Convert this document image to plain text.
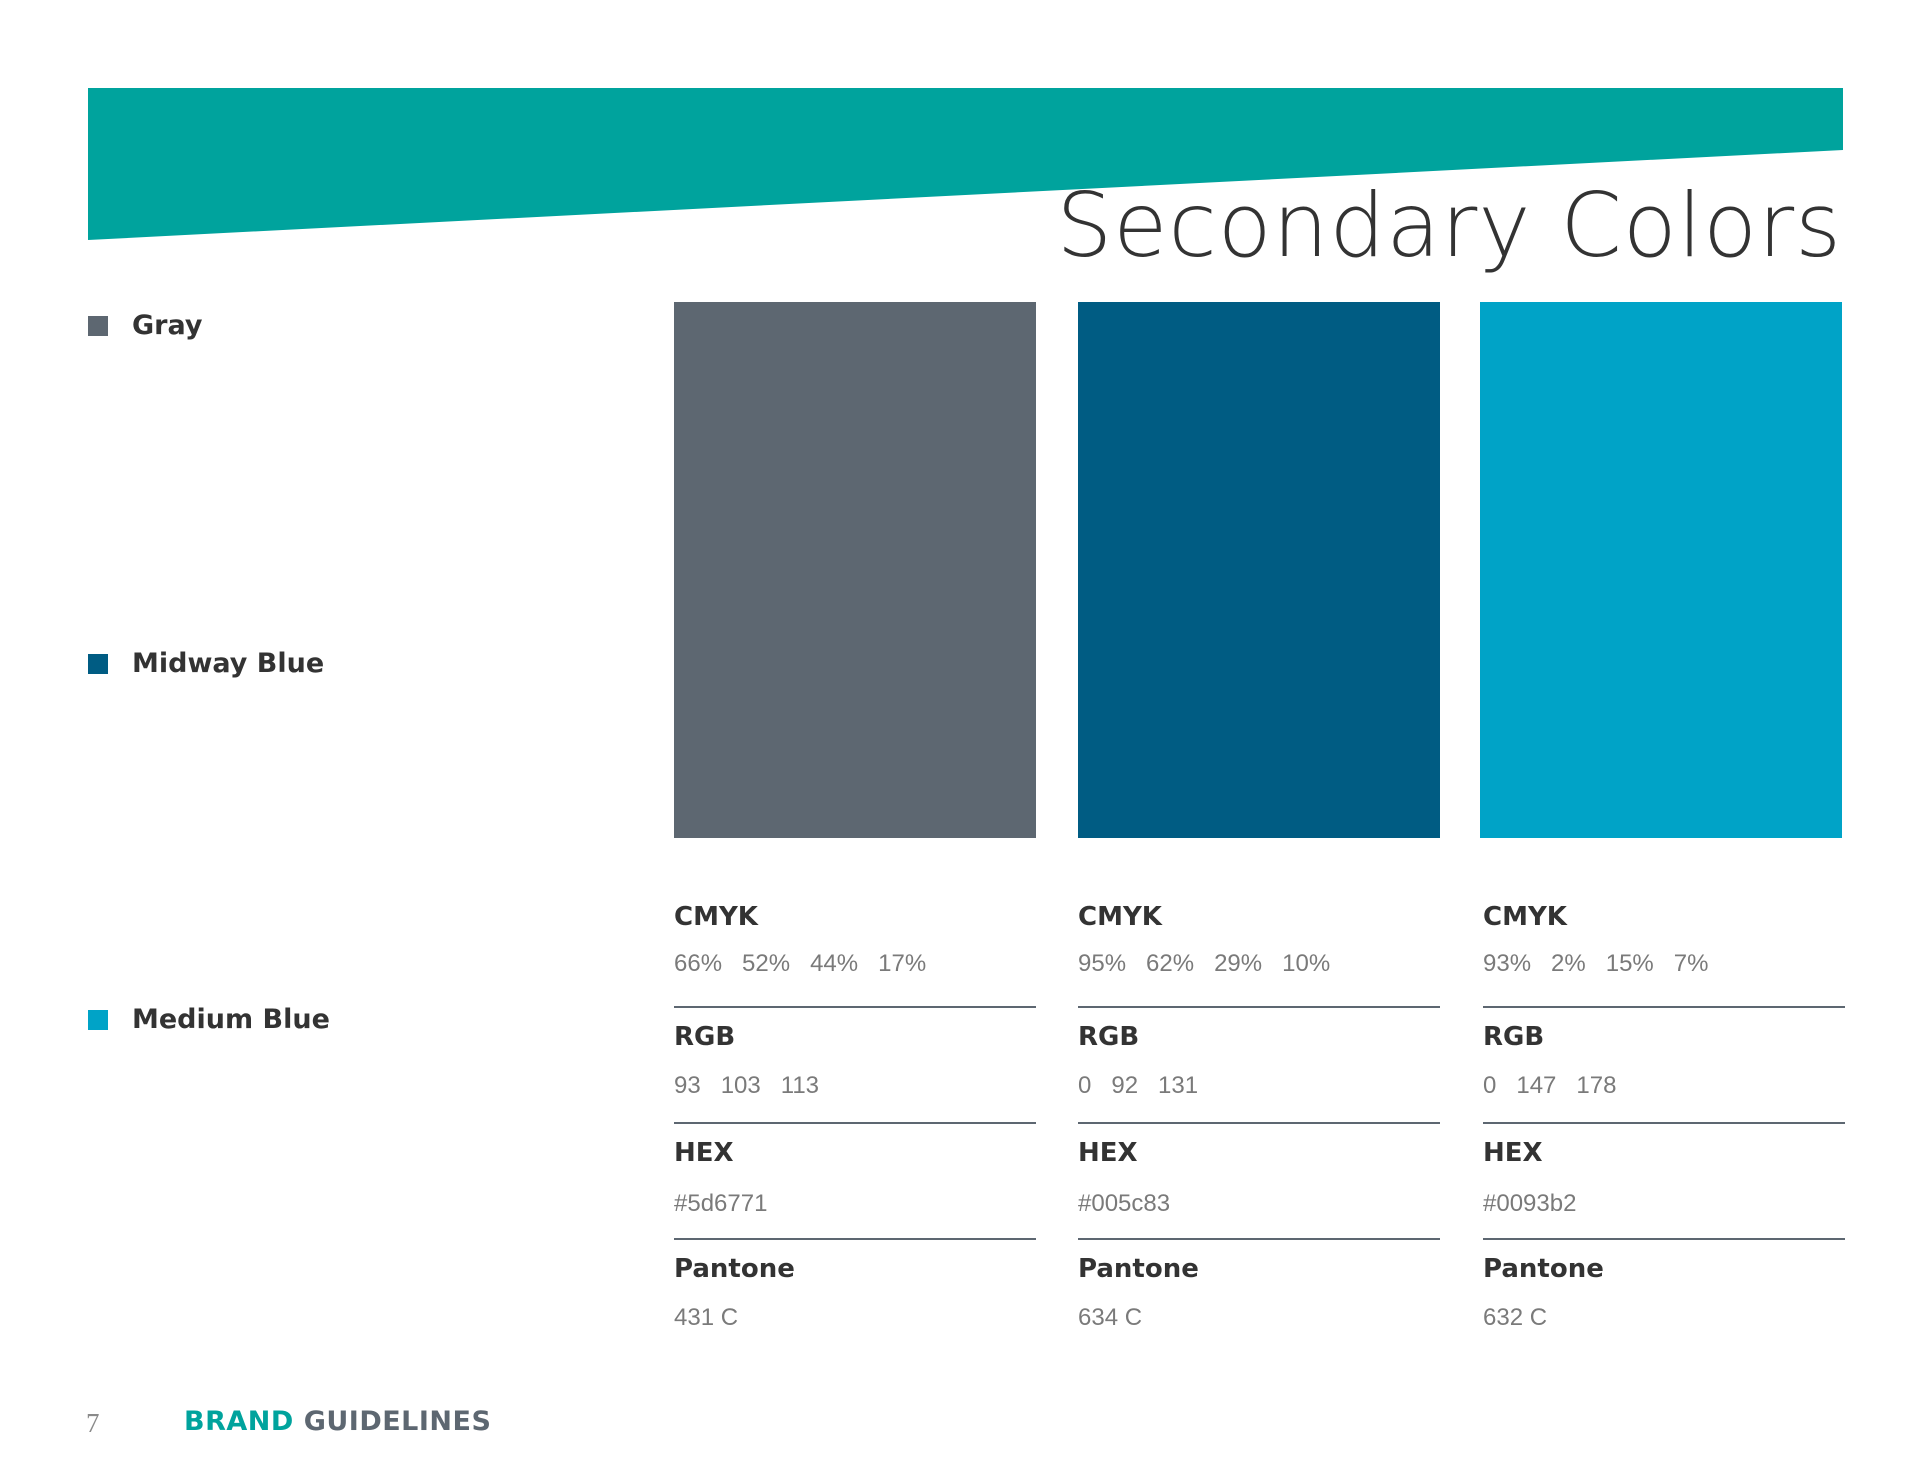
Secondary Colors
Gray
Midway Blue
Medium Blue
CMYK
66%   52%   44%   17%
RGB
93   103   113
HEX
#5d6771
Pantone
431 C
CMYK
95%   62%   29%   10%
RGB
0   92   131
HEX
#005c83
Pantone
634 C
CMYK
93%   2%   15%   7%
RGB
0   147   178
HEX
#0093b2
Pantone
632 C
7	BRAND GUIDELINES
